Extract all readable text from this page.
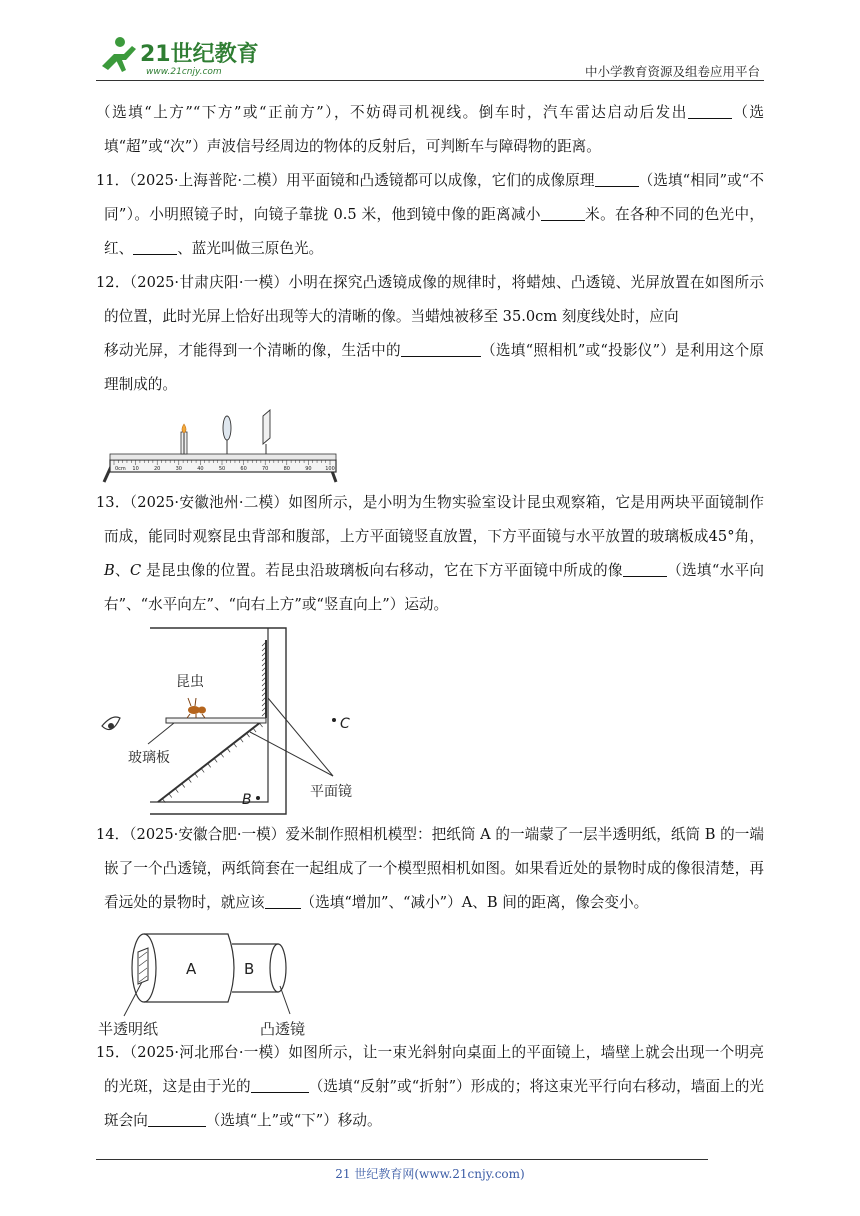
21世纪教育
www.21cnjy.com	中小学教育资源及组卷应用平台

（选填“上方”“下方”或“正前方”），不妨碍司机视线。倒车时，汽车雷达启动后发出	（选填“超”或“次”）声波信号经周边的物体的反射后，可判断车与障碍物的距离。

11．（2025·上海普陀·二模）用平面镜和凸透镜都可以成像，它们的成像原理	（选填“相同”或“不同”）。小明照镜子时，向镜子靠拢 0.5 米，他到镜中像的距离减小	米。在各种不同的色光中，红、	、蓝光叫做三原色光。

12．（2025·甘肃庆阳·一模）小明在探究凸透镜成像的规律时，将蜡烛、凸透镜、光屏放置在如图所示的位置，此时光屏上恰好出现等大的清晰的像。当蜡烛被移至 35.0cm 刻度线处时，应向
移动光屏，才能得到一个清晰的像，生活中的	（选填“照相机”或“投影仪”）是利用这个原理制成的。

0cm 10	20	30	40	50	60	70	80	90	100

13．（2025·安徽池州·二模）如图所示，是小明为生物实验室设计昆虫观察箱，它是用两块平面镜制作而成，能同时观察昆虫背部和腹部，上方平面镜竖直放置，下方平面镜与水平放置的玻璃板成45°角，B、C 是昆虫像的位置。若昆虫沿玻璃板向右移动，它在下方平面镜中所成的像	（选填“水平向右”、“水平向左”、“向右上方”或“竖直向上”）运动。

昆虫
玻璃板
平面镜
B
C

14．（2025·安徽合肥·一模）爱米制作照相机模型：把纸筒 A 的一端蒙了一层半透明纸，纸筒 B 的一端嵌了一个凸透镜，两纸筒套在一起组成了一个模型照相机如图。如果看近处的景物时成的像很清楚，再看远处的景物时，就应该 （选填“增加”、“减小”）A、B 间的距离，像会变小。

A	B
半透明纸	凸透镜

15．（2025·河北邢台·一模）如图所示，让一束光斜射向桌面上的平面镜上，墙壁上就会出现一个明亮的光斑，这是由于光的	（选填“反射”或“折射”）形成的；将这束光平行向右移动，墙面上的光斑会向	（选填“上”或“下”）移动。

21 世纪教育网(www.21cnjy.com)
